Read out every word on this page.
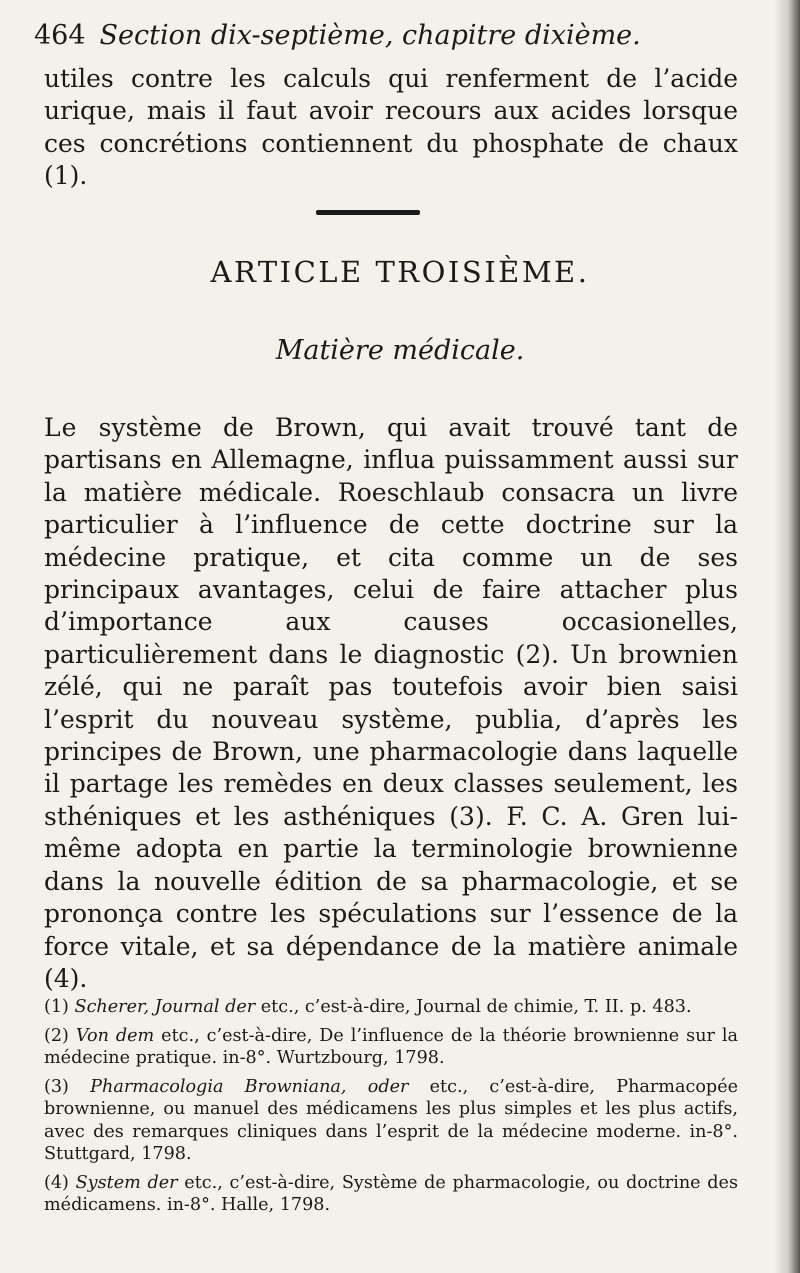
464 Section dix-septième, chapitre dixième.
utiles contre les calculs qui renferment de l’acide urique, mais il faut avoir recours aux acides lorsque ces concrétions contiennent du phosphate de chaux (1).
ARTICLE TROISIÈME.
Matière médicale.
Le système de Brown, qui avait trouvé tant de partisans en Allemagne, influa puissamment aussi sur la matière médicale. Roeschlaub consacra un livre particulier à l’influence de cette doctrine sur la médecine pratique, et cita comme un de ses principaux avantages, celui de faire attacher plus d’importance aux causes occasionelles, particulièrement dans le diagnostic (2). Un brownien zélé, qui ne paraît pas toutefois avoir bien saisi l’esprit du nouveau système, publia, d’après les principes de Brown, une pharmacologie dans laquelle il partage les remèdes en deux classes seulement, les sthéniques et les asthéniques (3). F. C. A. Gren lui-même adopta en partie la terminologie brownienne dans la nouvelle édition de sa pharmacologie, et se prononça contre les spéculations sur l’essence de la force vitale, et sa dépendance de la matière animale (4).

(1) Scherer, Journal der etc., c’est-à-dire, Journal de chimie, T. II. p. 483.

(2) Von dem etc., c’est-à-dire, De l’influence de la théorie brownienne sur la médecine pratique. in-8°. Wurtzbourg, 1798.

(3) Pharmacologia Browniana, oder etc., c’est-à-dire, Pharmacopée brownienne, ou manuel des médicamens les plus simples et les plus actifs, avec des remarques cliniques dans l’esprit de la médecine moderne. in-8°. Stuttgard, 1798.

(4) System der etc., c’est-à-dire, Système de pharmacologie, ou doctrine des médicamens. in-8°. Halle, 1798.
